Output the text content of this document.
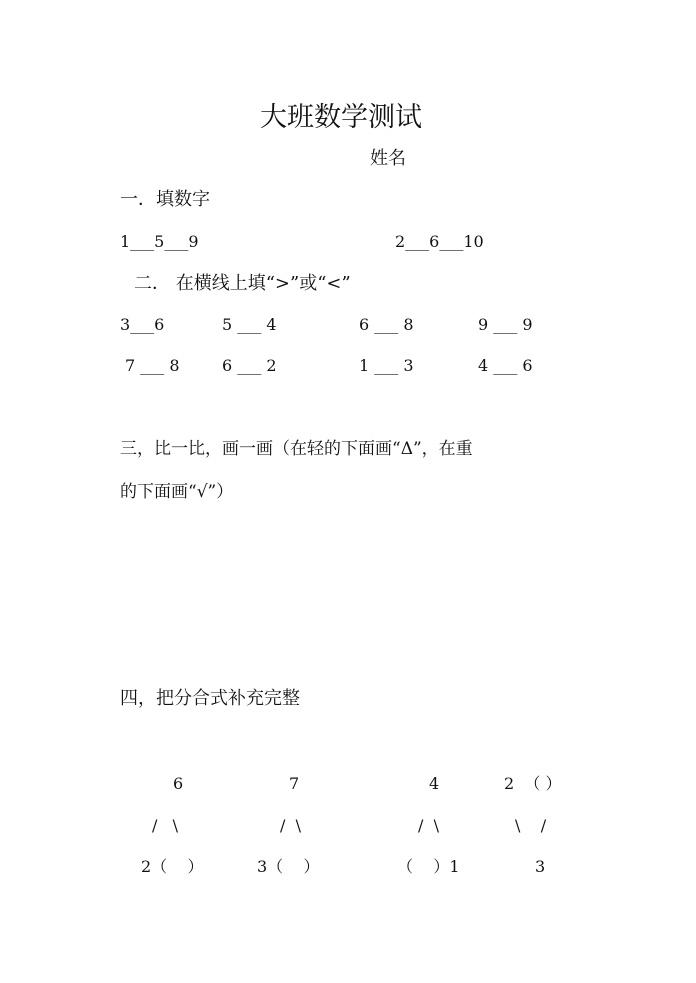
大班数学测试
姓名
一．填数字
1___5___9	2___6___10
二． 在横线上填“>”或“<”
3___6	5 ___ 4	6 ___ 8	9 ___ 9
7 ___ 8	6 ___ 2	1 ___ 3	4 ___ 6
三，比一比，画一画（在轻的下面画“Δ”，在重
的下面画“√”）
四，把分合式补充完整
6
/   \
2（    ）
7
/  \
3（    ）
4
/  \
（    ）1
2  （ ）
\    /
3
